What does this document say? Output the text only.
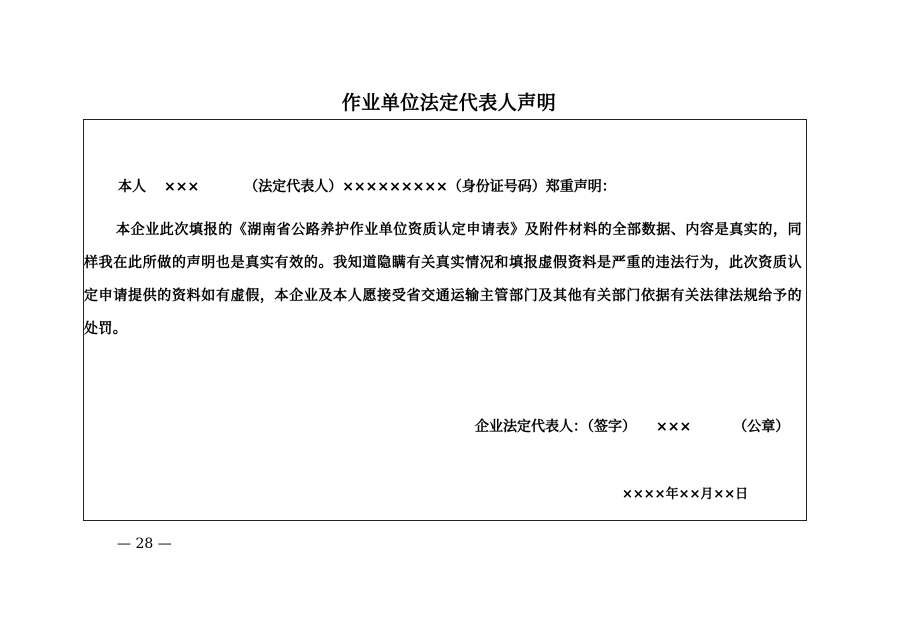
作业单位法定代表人声明
本人 ×××	（法定代表人）×××××××××（身份证号码）郑重声明：
本企业此次填报的《湖南省公路养护作业单位资质认定申请表》及附件材料的全部数据、内容是真实的，同样我在此所做的声明也是真实有效的。我知道隐瞒有关真实情况和填报虚假资料是严重的违法行为，此次资质认定申请提供的资料如有虚假，本企业及本人愿接受省交通运输主管部门及其他有关部门依据有关法律法规给予的处罚。
企业法定代表人：（签字） ×××	（公章）
××××年××月××日
— 28 —
